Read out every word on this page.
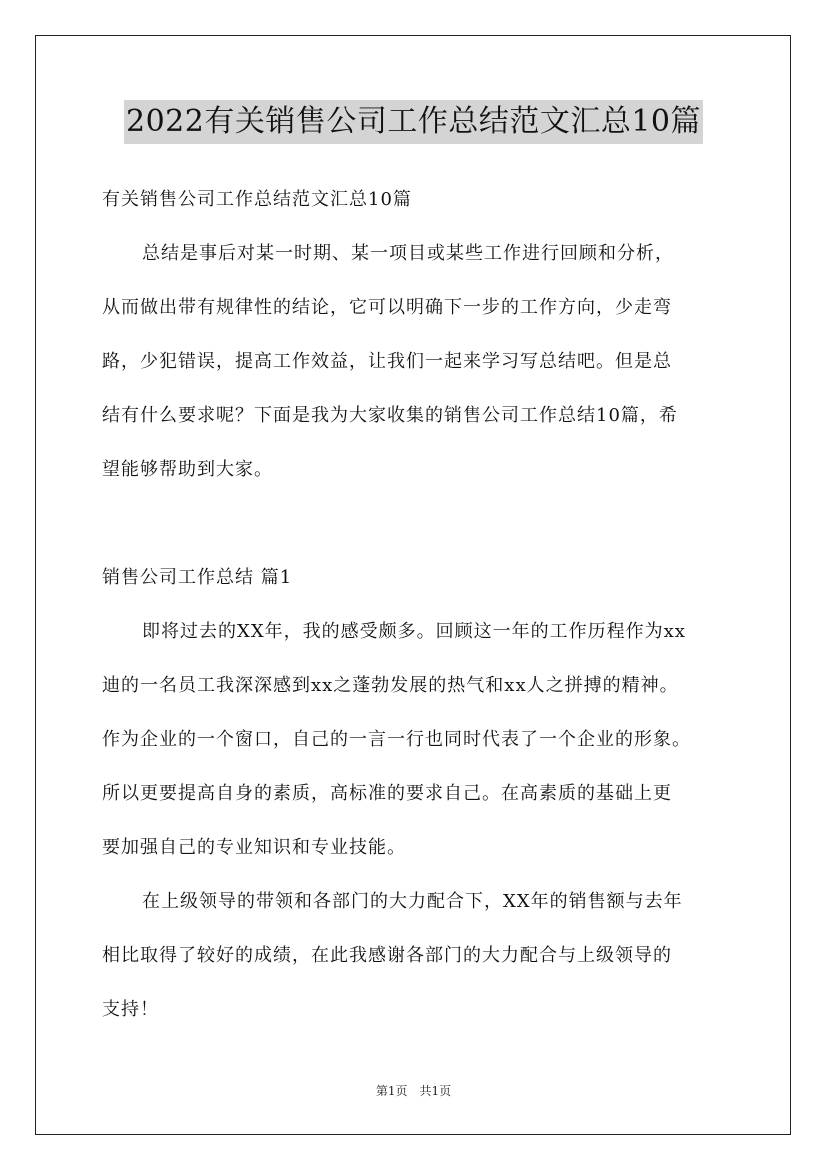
2022有关销售公司工作总结范文汇总10篇
有关销售公司工作总结范文汇总10篇
总结是事后对某一时期、某一项目或某些工作进行回顾和分析，
从而做出带有规律性的结论，它可以明确下一步的工作方向，少走弯
路，少犯错误，提高工作效益，让我们一起来学习写总结吧。但是总
结有什么要求呢？下面是我为大家收集的销售公司工作总结10篇，希
望能够帮助到大家。
销售公司工作总结 篇1
即将过去的XX年，我的感受颇多。回顾这一年的工作历程作为xx
迪的一名员工我深深感到xx之蓬勃发展的热气和xx人之拼搏的精神。
作为企业的一个窗口，自己的一言一行也同时代表了一个企业的形象。
所以更要提高自身的素质，高标准的要求自己。在高素质的基础上更
要加强自己的专业知识和专业技能。
在上级领导的带领和各部门的大力配合下，XX年的销售额与去年
相比取得了较好的成绩，在此我感谢各部门的大力配合与上级领导的
支持！
第1页 共1页
